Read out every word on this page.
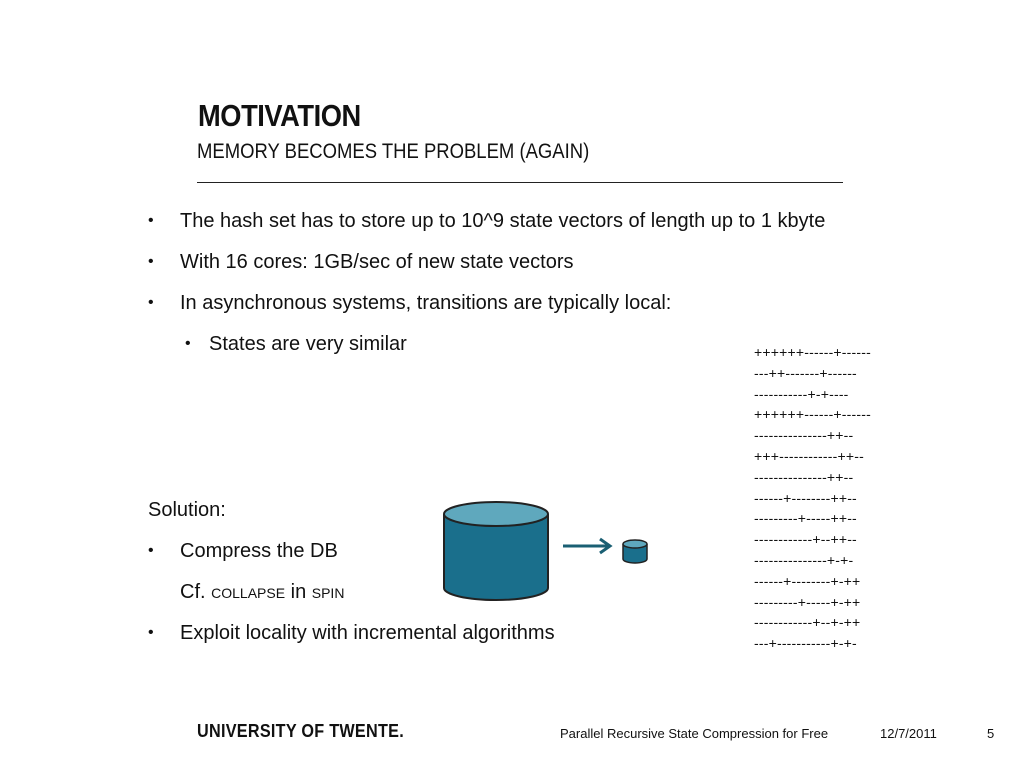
MOTIVATION
MEMORY BECOMES THE PROBLEM (AGAIN)
• The hash set has to store up to 10^9 state vectors of length up to 1 kbyte
• With 16 cores: 1GB/sec of new state vectors
• In asynchronous systems, transitions are typically local:
• States are very similar
Solution:
• Compress the DB
Cf. collapse in spin
• Exploit locality with incremental algorithms
++++++------+------
---++-------+------
-----------+-+----
++++++------+------
---------------++--
+++------------++--
---------------++--
------+--------++--
---------+-----++--
------------+--++--
---------------+-+-
------+--------+-++
---------+-----+-++
------------+--+-++
---+-----------+-+-
UNIVERSITY OF TWENTE.	Parallel Recursive State Compression for Free	12/7/2011	5
